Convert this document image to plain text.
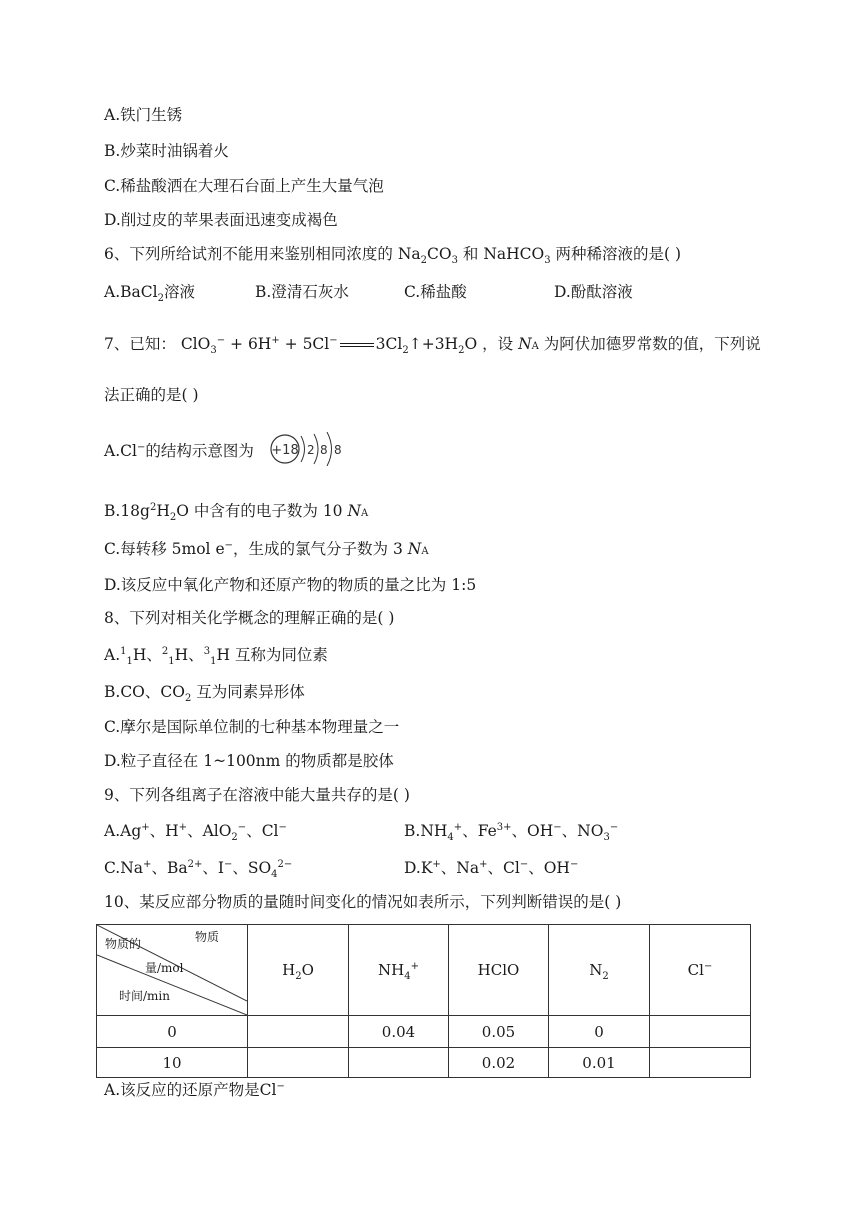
A.铁门生锈
B.炒菜时油锅着火
C.稀盐酸洒在大理石台面上产生大量气泡
D.削过皮的苹果表面迅速变成褐色
6、下列所给试剂不能用来鉴别相同浓度的 $Na_2CO_3$ 和 NaHCO$_3$ 两种稀溶液的是( )
A.BaCl$_2$溶液	B.澄清石灰水	C.稀盐酸	D.酚酞溶液
7、已知： ClO$_3$− + 6H+ + 5Cl− $3Cl_2↑+3H_2O$ ，设 NA 为阿伏加德罗常数的值，下列说
法正确的是( )
A.Cl−的结构示意图为 +18 2 8 8
$B.18g^2H_2O$ 中含有的电子数为 10 NA
C.每转移 5mol e−，生成的氯气分子数为 3 NA
D.该反应中氧化产物和还原产物的物质的量之比为 1:5
8、下列对相关化学概念的理解正确的是( )
A.$^1_1$H、$^2_1$H、$^3_1$H 互称为同位素
B.CO、$CO_2$ 互为同素异形体
C.摩尔是国际单位制的七种基本物理量之一
D.粒子直径在 1~100nm 的物质都是胶体
9、下列各组离子在溶液中能大量共存的是( )
A.Ag+、H+、AlO$_2$−、Cl−	$B.NH_4^+$、$Fe^{3+}$、OH−、$NO_3^-$
C.Na+、$Ba^{2+}$、I−、$SO_4^{2-}$	D.K+、Na+、Cl−、OH−
10、某反应部分物质的量随时间变化的情况如表所示，下列判断错误的是( )
物质
物质的
量/mol
时间/min	$H_2O$	$NH_4^+$	HClO	$N_2$	Cl−
0		0.04	0.05	0	
10			0.02	0.01	
A.该反应的还原产物是Cl−
